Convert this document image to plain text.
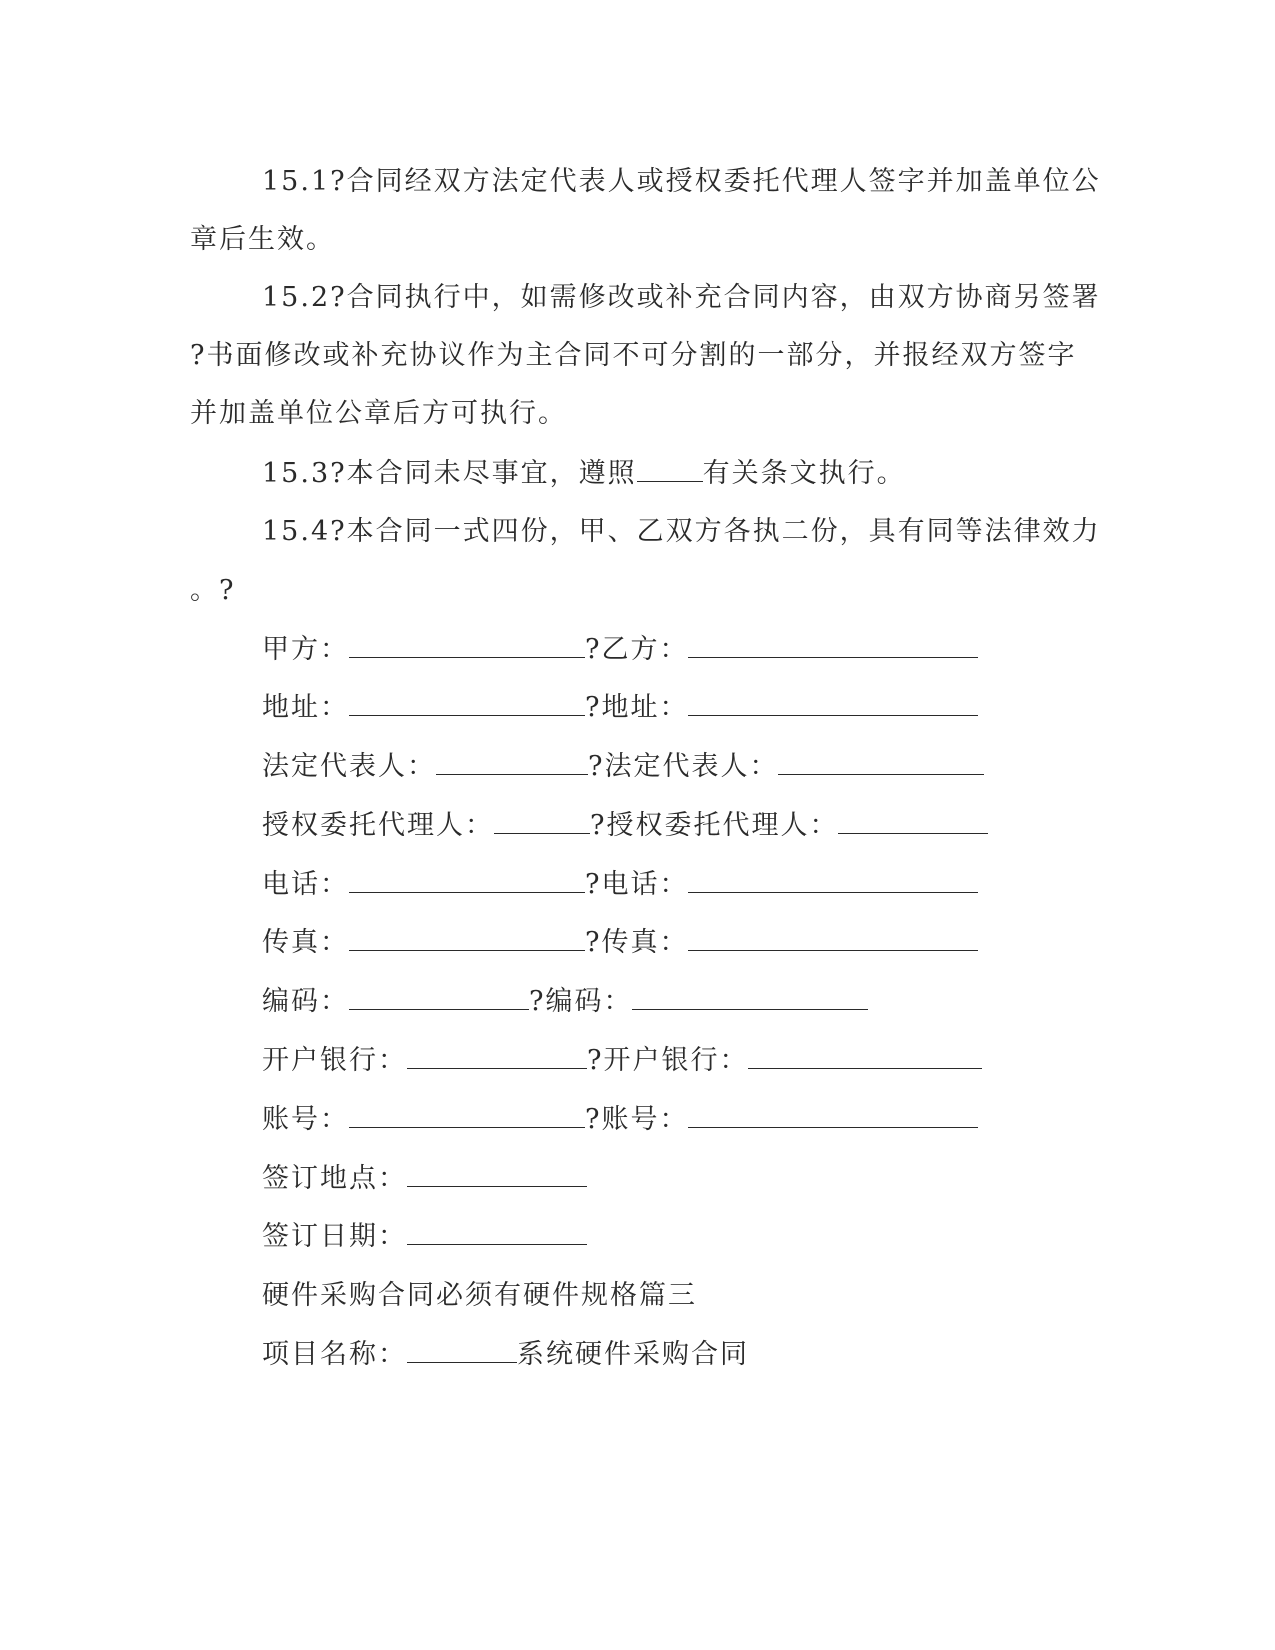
15.1?合同经双方法定代表人或授权委托代理人签字并加盖单位公
章后生效。
15.2?合同执行中，如需修改或补充合同内容，由双方协商另签署
?书面修改或补充协议作为主合同不可分割的一部分，并报经双方签字
并加盖单位公章后方可执行。
15.3?本合同未尽事宜，遵照 有关条文执行。
15.4?本合同一式四份，甲、乙双方各执二份，具有同等法律效力
。?
甲方：	?乙方：
地址：	?地址：
法定代表人：	?法定代表人：
授权委托代理人：	?授权委托代理人：
电话：	?电话：
传真：	?传真：
编码：	?编码：
开户银行：	?开户银行：
账号：	?账号：
签订地点：
签订日期：
硬件采购合同必须有硬件规格篇三
项目名称：	系统硬件采购合同
